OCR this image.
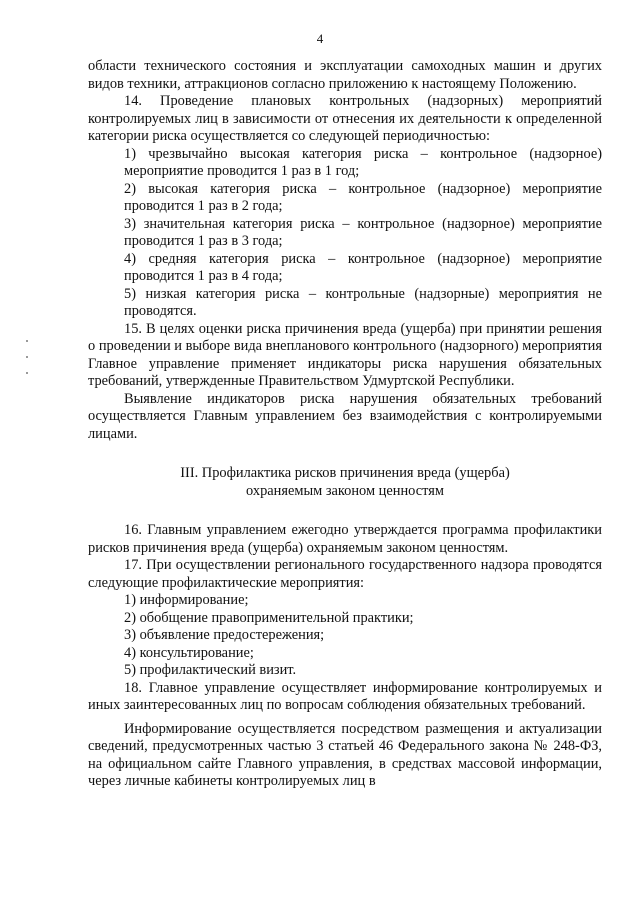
4
области технического состояния и эксплуатации самоходных машин и других видов техники, аттракционов согласно приложению к настоящему Положению.
14. Проведение плановых контрольных (надзорных) мероприятий контролируемых лиц в зависимости от отнесения их деятельности к определенной категории риска осуществляется со следующей периодичностью:
1) чрезвычайно высокая категория риска – контрольное (надзорное) мероприятие проводится 1 раз в 1 год;
2) высокая категория риска – контрольное (надзорное) мероприятие проводится 1 раз в 2 года;
3) значительная категория риска – контрольное (надзорное) мероприятие проводится 1 раз в 3 года;
4) средняя категория риска – контрольное (надзорное) мероприятие проводится 1 раз в 4 года;
5) низкая категория риска – контрольные (надзорные) мероприятия не проводятся.
15. В целях оценки риска причинения вреда (ущерба) при принятии решения о проведении и выборе вида внепланового контрольного (надзорного) мероприятия Главное управление применяет индикаторы риска нарушения обязательных требований, утвержденные Правительством Удмуртской Республики.
Выявление индикаторов риска нарушения обязательных требований осуществляется Главным управлением без взаимодействия с контролируемыми лицами.
III. Профилактика рисков причинения вреда (ущерба)
охраняемым законом ценностям
16. Главным управлением ежегодно утверждается программа профилактики рисков причинения вреда (ущерба) охраняемым законом ценностям.
17. При осуществлении регионального государственного надзора проводятся следующие профилактические мероприятия:
1) информирование;
2) обобщение правоприменительной практики;
3) объявление предостережения;
4) консультирование;
5) профилактический визит.
18. Главное управление осуществляет информирование контролируемых и иных заинтересованных лиц по вопросам соблюдения обязательных требований.
Информирование осуществляется посредством размещения и актуализации сведений, предусмотренных частью 3 статьей 46 Федерального закона № 248-ФЗ, на официальном сайте Главного управления, в средствах массовой информации, через личные кабинеты контролируемых лиц в
